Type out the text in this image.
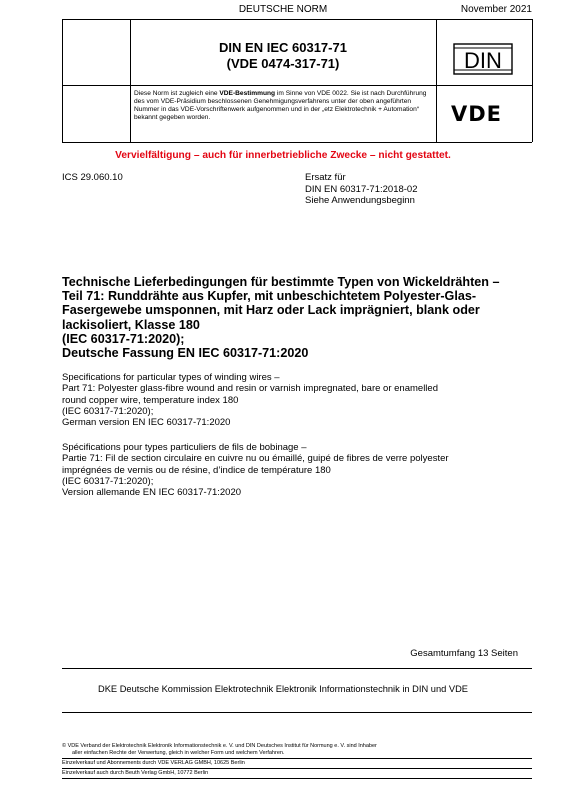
DEUTSCHE NORM	November 2021
DIN EN IEC 60317-71
(VDE 0474-317-71)	DIN
Diese Norm ist zugleich eine VDE-Bestimmung im Sinne von VDE 0022. Sie ist nach Durchführung des vom VDE-Präsidium beschlossenen Genehmigungsverfahrens unter der oben angeführten Nummer in das VDE-Vorschriftenwerk aufgenommen und in der „etz Elektrotechnik + Automation“ bekannt gegeben worden.	VDE
Vervielfältigung – auch für innerbetriebliche Zwecke – nicht gestattet.
ICS 29.060.10	Ersatz für
DIN EN 60317-71:2018-02
Siehe Anwendungsbeginn
Technische Lieferbedingungen für bestimmte Typen von Wickeldrähten –
Teil 71: Runddrähte aus Kupfer, mit unbeschichtetem Polyester-Glas-
Fasergewebe umsponnen, mit Harz oder Lack imprägniert, blank oder
lackisoliert, Klasse 180
(IEC 60317-71:2020);
Deutsche Fassung EN IEC 60317-71:2020
Specifications for particular types of winding wires –
Part 71: Polyester glass-fibre wound and resin or varnish impregnated, bare or enamelled
round copper wire, temperature index 180
(IEC 60317-71:2020);
German version EN IEC 60317-71:2020
Spécifications pour types particuliers de fils de bobinage –
Partie 71: Fil de section circulaire en cuivre nu ou émaillé, guipé de fibres de verre polyester
imprégnées de vernis ou de résine, d’indice de température 180
(IEC 60317-71:2020);
Version allemande EN IEC 60317-71:2020
Gesamtumfang 13 Seiten
DKE Deutsche Kommission Elektrotechnik Elektronik Informationstechnik in DIN und VDE
© VDE Verband der Elektrotechnik Elektronik Informationstechnik e. V. und DIN Deutsches Institut für Normung e. V. sind Inhaber
aller einfachen Rechte der Verwertung, gleich in welcher Form und welchem Verfahren.
Einzelverkauf und Abonnements durch VDE VERLAG GMBH, 10625 Berlin
Einzelverkauf auch durch Beuth Verlag GmbH, 10772 Berlin
